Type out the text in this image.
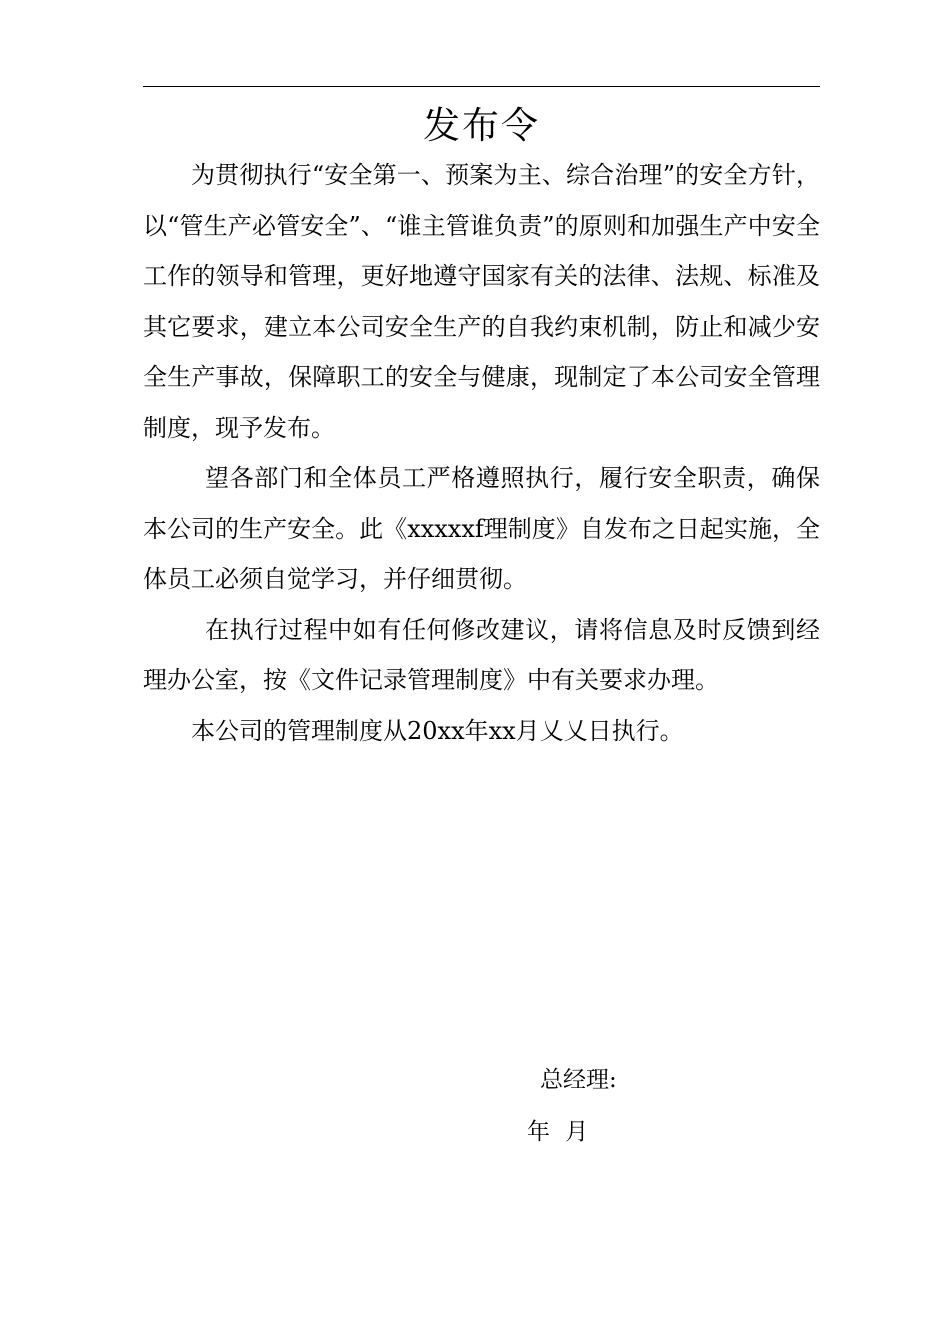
发布令

为贯彻执行“安全第一、预案为主、综合治理”的安全方针，以“管生产必管安全”、“谁主管谁负责”的原则和加强生产中安全工作的领导和管理，更好地遵守国家有关的法律、法规、标准及其它要求，建立本公司安全生产的自我约束机制，防止和减少安全生产事故，保障职工的安全与健康，现制定了本公司安全管理制度，现予发布。

望各部门和全体员工严格遵照执行，履行安全职责，确保本公司的生产安全。此《xxxxxf理制度》自发布之日起实施，全体员工必须自觉学习，并仔细贯彻。

在执行过程中如有任何修改建议，请将信息及时反馈到经理办公室，按《文件记录管理制度》中有关要求办理。

本公司的管理制度从20xx年xx月乂乂日执行。

总经理:
年 月
